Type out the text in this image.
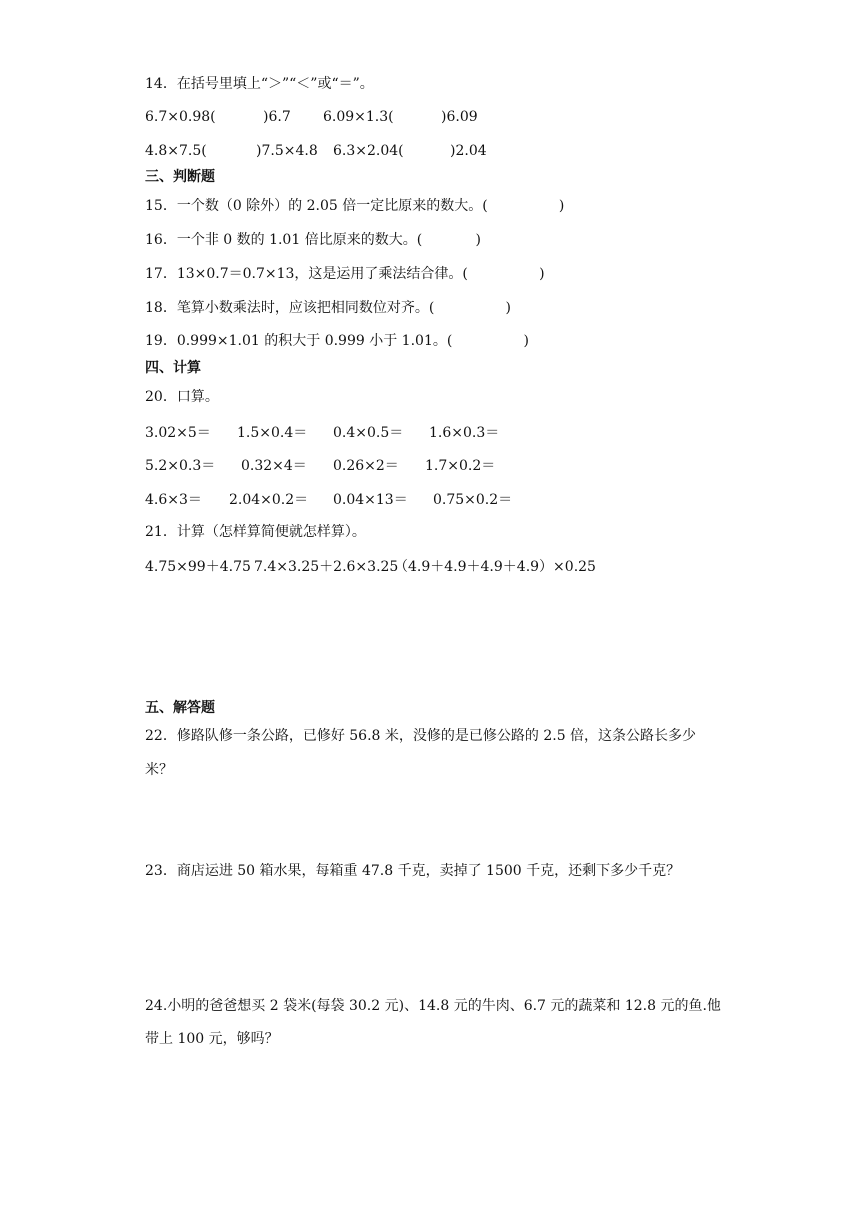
14．在括号里填上“＞”“＜”或“＝”。
6.7×0.98(	)6.7 6.09×1.3(	)6.09
4.8×7.5(	)7.5×4.8 6.3×2.04(	)2.04
三、判断题
15．一个数（0 除外）的 2.05 倍一定比原来的数大。(                )
16．一个非 0 数的 1.01 倍比原来的数大。(            )
17．13×0.7＝0.7×13，这是运用了乘法结合律。(                )
18．笔算小数乘法时，应该把相同数位对齐。(                )
19．0.999×1.01 的积大于 0.999 小于 1.01。(                )
四、计算
20．口算。
3.02×5＝ 1.5×0.4＝ 0.4×0.5＝ 1.6×0.3＝
5.2×0.3＝ 0.32×4＝ 0.26×2＝ 1.7×0.2＝
4.6×3＝ 2.04×0.2＝ 0.04×13＝ 0.75×0.2＝
21．计算（怎样算简便就怎样算）。
4.75×99＋4.75 7.4×3.25＋2.6×3.25
（4.9＋4.9＋4.9＋4.9）×0.25
五、解答题
22．修路队修一条公路，已修好 56.8 米，没修的是已修公路的 2.5 倍，这条公路长多少
米？
23．商店运进 50 箱水果，每箱重 47.8 千克，卖掉了 1500 千克，还剩下多少千克？
24.小明的爸爸想买 2 袋米(每袋 30.2 元)、14.8 元的牛肉、6.7 元的蔬菜和 12.8 元的鱼.他
带上 100 元，够吗？
